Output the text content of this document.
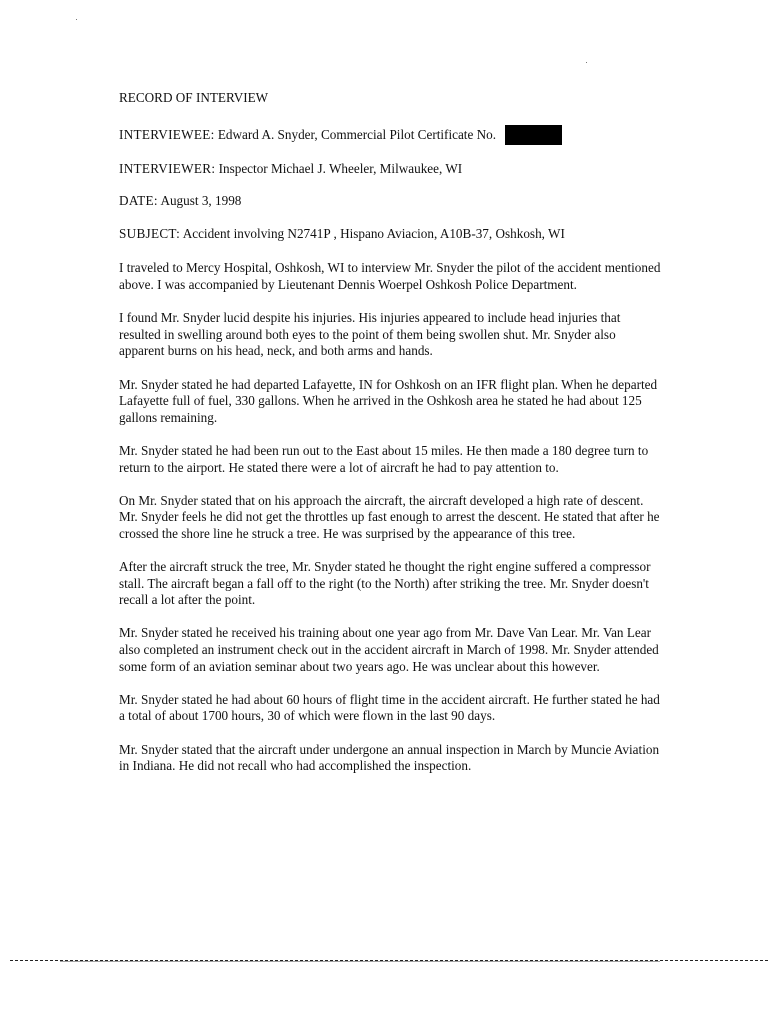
RECORD OF INTERVIEW
INTERVIEWEE: Edward A. Snyder, Commercial Pilot Certificate No.
INTERVIEWER: Inspector Michael J. Wheeler, Milwaukee, WI
DATE: August 3, 1998
SUBJECT: Accident involving N2741P , Hispano Aviacion, A10B-37, Oshkosh, WI

I traveled to Mercy Hospital, Oshkosh, WI to interview Mr. Snyder the pilot of the accident mentioned above. I was accompanied by Lieutenant Dennis Woerpel Oshkosh Police Department.

I found Mr. Snyder lucid despite his injuries. His injuries appeared to include head injuries that resulted in swelling around both eyes to the point of them being swollen shut. Mr. Snyder also apparent burns on his head, neck, and both arms and hands.

Mr. Snyder stated he had departed Lafayette, IN for Oshkosh on an IFR flight plan. When he departed Lafayette full of fuel, 330 gallons. When he arrived in the Oshkosh area he stated he had about 125 gallons remaining.

Mr. Snyder stated he had been run out to the East about 15 miles. He then made a 180 degree turn to return to the airport. He stated there were a lot of aircraft he had to pay attention to.

On Mr. Snyder stated that on his approach the aircraft, the aircraft developed a high rate of descent. Mr. Snyder feels he did not get the throttles up fast enough to arrest the descent. He stated that after he crossed the shore line he struck a tree. He was surprised by the appearance of this tree.

After the aircraft struck the tree, Mr. Snyder stated he thought the right engine suffered a compressor stall. The aircraft began a fall off to the right (to the North) after striking the tree. Mr. Snyder doesn't recall a lot after the point.

Mr. Snyder stated he received his training about one year ago from Mr. Dave Van Lear. Mr. Van Lear also completed an instrument check out in the accident aircraft in March of 1998. Mr. Snyder attended some form of an aviation seminar about two years ago. He was unclear about this however.

Mr. Snyder stated he had about 60 hours of flight time in the accident aircraft. He further stated he had a total of about 1700 hours, 30 of which were flown in the last 90 days.

Mr. Snyder stated that the aircraft under undergone an annual inspection in March by Muncie Aviation in Indiana. He did not recall who had accomplished the inspection.
